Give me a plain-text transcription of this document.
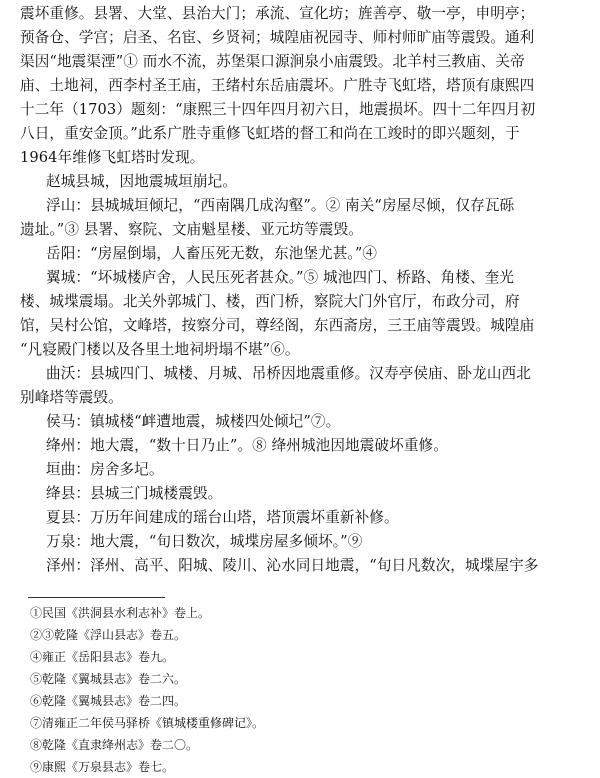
震坏重修。县署、大堂、县治大门；承流、宣化坊；旌善亭、敬一亭，申明亭；
预备仓、学宫；启圣、名宦、乡贤祠；城隍庙祝园寺、师村师旷庙等震毁。通利
渠因“地震渠湮”① 而水不流，苏堡渠口源涧泉小庙震毁。北羊村三教庙、关帝
庙、土地祠，西李村圣王庙，王绪村东岳庙震坏。广胜寺飞虹塔，塔顶有康熙四
十二年（1703）题刻：“康熙三十四年四月初六日，地震损坏。四十二年四月初
八日，重安金顶。”此系广胜寺重修飞虹塔的督工和尚在工竣时的即兴题刻，于
1964年维修飞虹塔时发现。
赵城县城，因地震城垣崩圮。
浮山：县城城垣倾圮，“西南隅几成沟壑”。② 南关“房屋尽倾，仅存瓦砾
遗址。”③ 县署、察院、文庙魁星楼、亚元坊等震毁。
岳阳：“房屋倒塌，人畜压死无数，东池堡尤甚。”④
翼城：“坏城楼庐舍，人民压死者甚众。”⑤ 城池四门、桥路、角楼、奎光
楼、城堞震塌。北关外郭城门、楼，西门桥，察院大门外官厅，布政分司，府
馆，吴村公馆，文峰塔，按察分司，尊经阁，东西斋房，三王庙等震毁。城隍庙
“凡寝殿门楼以及各里土地祠坍塌不堪”⑥。
曲沃：县城四门、城楼、月城、吊桥因地震重修。汉寿亭侯庙、卧龙山西北
别峰塔等震毁。
侯马：镇城楼“衅遭地震，城楼四处倾圮”⑦。
绛州：地大震，“数十日乃止”。⑧ 绛州城池因地震破坏重修。
垣曲：房舍多圮。
绛县：县城三门城楼震毁。
夏县：万历年间建成的瑶台山塔，塔顶震坏重新补修。
万泉：地大震，“旬日数次，城堞房屋多倾坏。”⑨
泽州：泽州、高平、阳城、陵川、沁水同日地震，“旬日凡数次，城堞屋宇多
①民国《洪洞县水利志补》卷上。
②③乾隆《浮山县志》卷五。
④雍正《岳阳县志》卷九。
⑤乾隆《翼城县志》卷二六。
⑥乾隆《翼城县志》卷二四。
⑦清雍正二年侯马驿桥《镇城楼重修碑记》。
⑧乾隆《直隶绛州志》卷二〇。
⑨康熙《万泉县志》卷七。
